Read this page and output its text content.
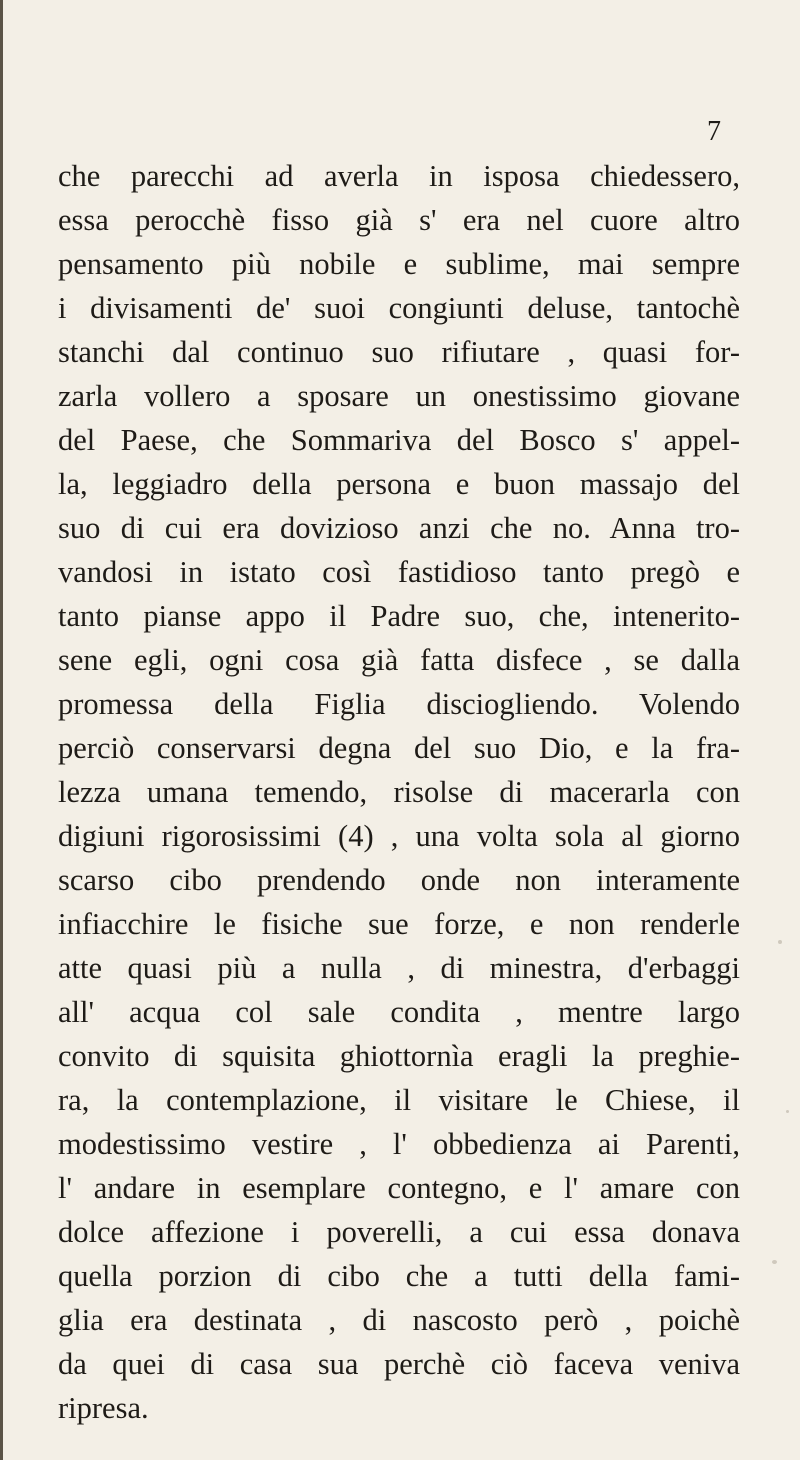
7
che parecchi ad averla in isposa chiedessero,
essa perocchè fisso già s' era nel cuore altro
pensamento più nobile e sublime, mai sempre
i divisamenti de' suoi congiunti deluse, tantochè
stanchi dal continuo suo rifiutare , quasi for-
zarla vollero a sposare un onestissimo giovane
del Paese, che Sommariva del Bosco s' appel-
la, leggiadro della persona e buon massajo del
suo di cui era dovizioso anzi che no. Anna tro-
vandosi in istato così fastidioso tanto pregò e
tanto pianse appo il Padre suo, che, intenerito-
sene egli, ogni cosa già fatta disfece , se dalla
promessa della Figlia disciogliendo. Volendo
perciò conservarsi degna del suo Dio, e la fra-
lezza umana temendo, risolse di macerarla con
digiuni rigorosissimi (4) , una volta sola al giorno
scarso cibo prendendo onde non interamente
infiacchire le fisiche sue forze, e non renderle
atte quasi più a nulla , di minestra, d'erbaggi
all' acqua col sale condita , mentre largo
convito di squisita ghiottornìa eragli la preghie-
ra, la contemplazione, il visitare le Chiese, il
modestissimo vestire , l' obbedienza ai Parenti,
l' andare in esemplare contegno, e l' amare con
dolce affezione i poverelli, a cui essa donava
quella porzion di cibo che a tutti della fami-
glia era destinata , di nascosto però , poichè
da quei di casa sua perchè ciò faceva veniva
ripresa.
